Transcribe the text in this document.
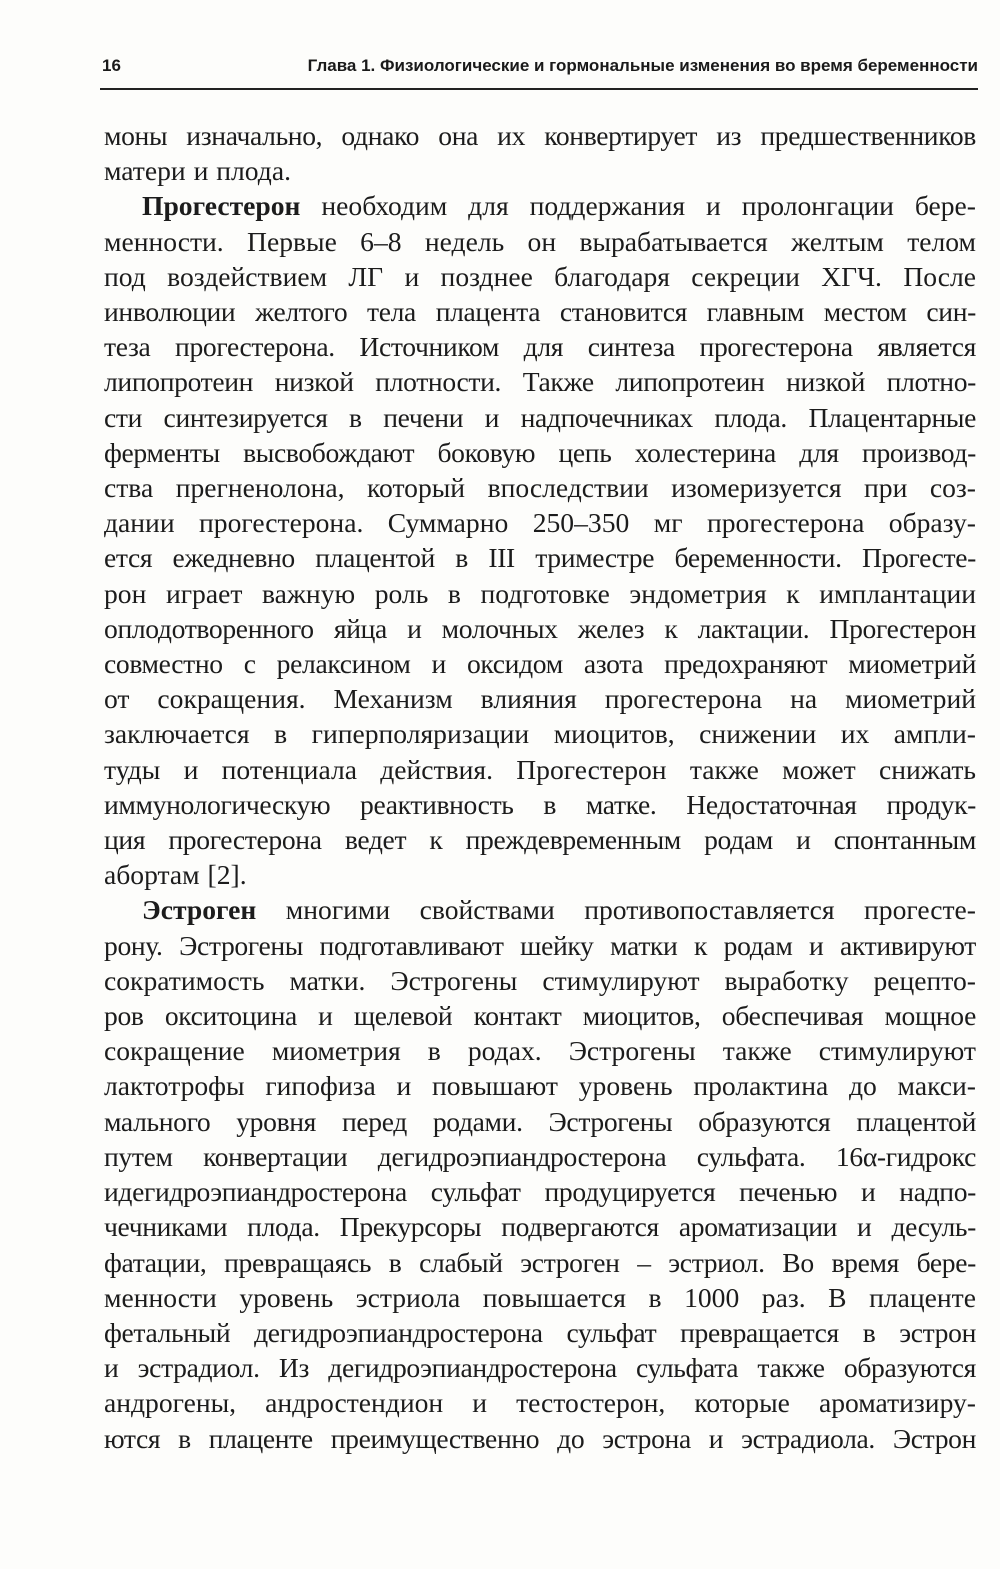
16	Глава 1. Физиологические и гормональные изменения во время беременности

моны изначально, однако она их конвертирует из предшественников
матери и плода.

Прогестерон необходим для поддержания и пролонгации бере-
менности. Первые 6–8 недель он вырабатывается желтым телом
под воздействием ЛГ и позднее благодаря секреции ХГЧ. После
инволюции желтого тела плацента становится главным местом син-
теза прогестерона. Источником для синтеза прогестерона является
липопротеин низкой плотности. Также липопротеин низкой плотно-
сти синтезируется в печени и надпочечниках плода. Плацентарные
ферменты высвобождают боковую цепь холестерина для производ-
ства прегненолона, который впоследствии изомеризуется при соз-
дании прогестерона. Суммарно 250–350 мг прогестерона образу-
ется ежедневно плацентой в III триместре беременности. Прогесте-
рон играет важную роль в подготовке эндометрия к имплантации
оплодотворенного яйца и молочных желез к лактации. Прогестерон
совместно с релаксином и оксидом азота предохраняют миометрий
от сокращения. Механизм влияния прогестерона на миометрий
заключается в гиперполяризации миоцитов, снижении их ампли-
туды и потенциала действия. Прогестерон также может снижать
иммунологическую реактивность в матке. Недостаточная продук-
ция прогестерона ведет к преждевременным родам и спонтанным
абортам [2].

Эстроген многими свойствами противопоставляется прогесте-
рону. Эстрогены подготавливают шейку матки к родам и активируют
сократимость матки. Эстрогены стимулируют выработку рецепто-
ров окситоцина и щелевой контакт миоцитов, обеспечивая мощное
сокращение миометрия в родах. Эстрогены также стимулируют
лактотрофы гипофиза и повышают уровень пролактина до макси-
мального уровня перед родами. Эстрогены образуются плацентой
путем конвертации дегидроэпиандростерона сульфата. 16α-гидрокс
идегидроэпиандростерона сульфат продуцируется печенью и надпо-
чечниками плода. Прекурсоры подвергаются ароматизации и десуль-
фатации, превращаясь в слабый эстроген – эстриол. Во время бере-
менности уровень эстриола повышается в 1000 раз. В плаценте
фетальный дегидроэпиандростерона сульфат превращается в эстрон
и эстрадиол. Из дегидроэпиандростерона сульфата также образуются
андрогены, андростендион и тестостерон, которые ароматизиру-
ются в плаценте преимущественно до эстрона и эстрадиола. Эстрон
